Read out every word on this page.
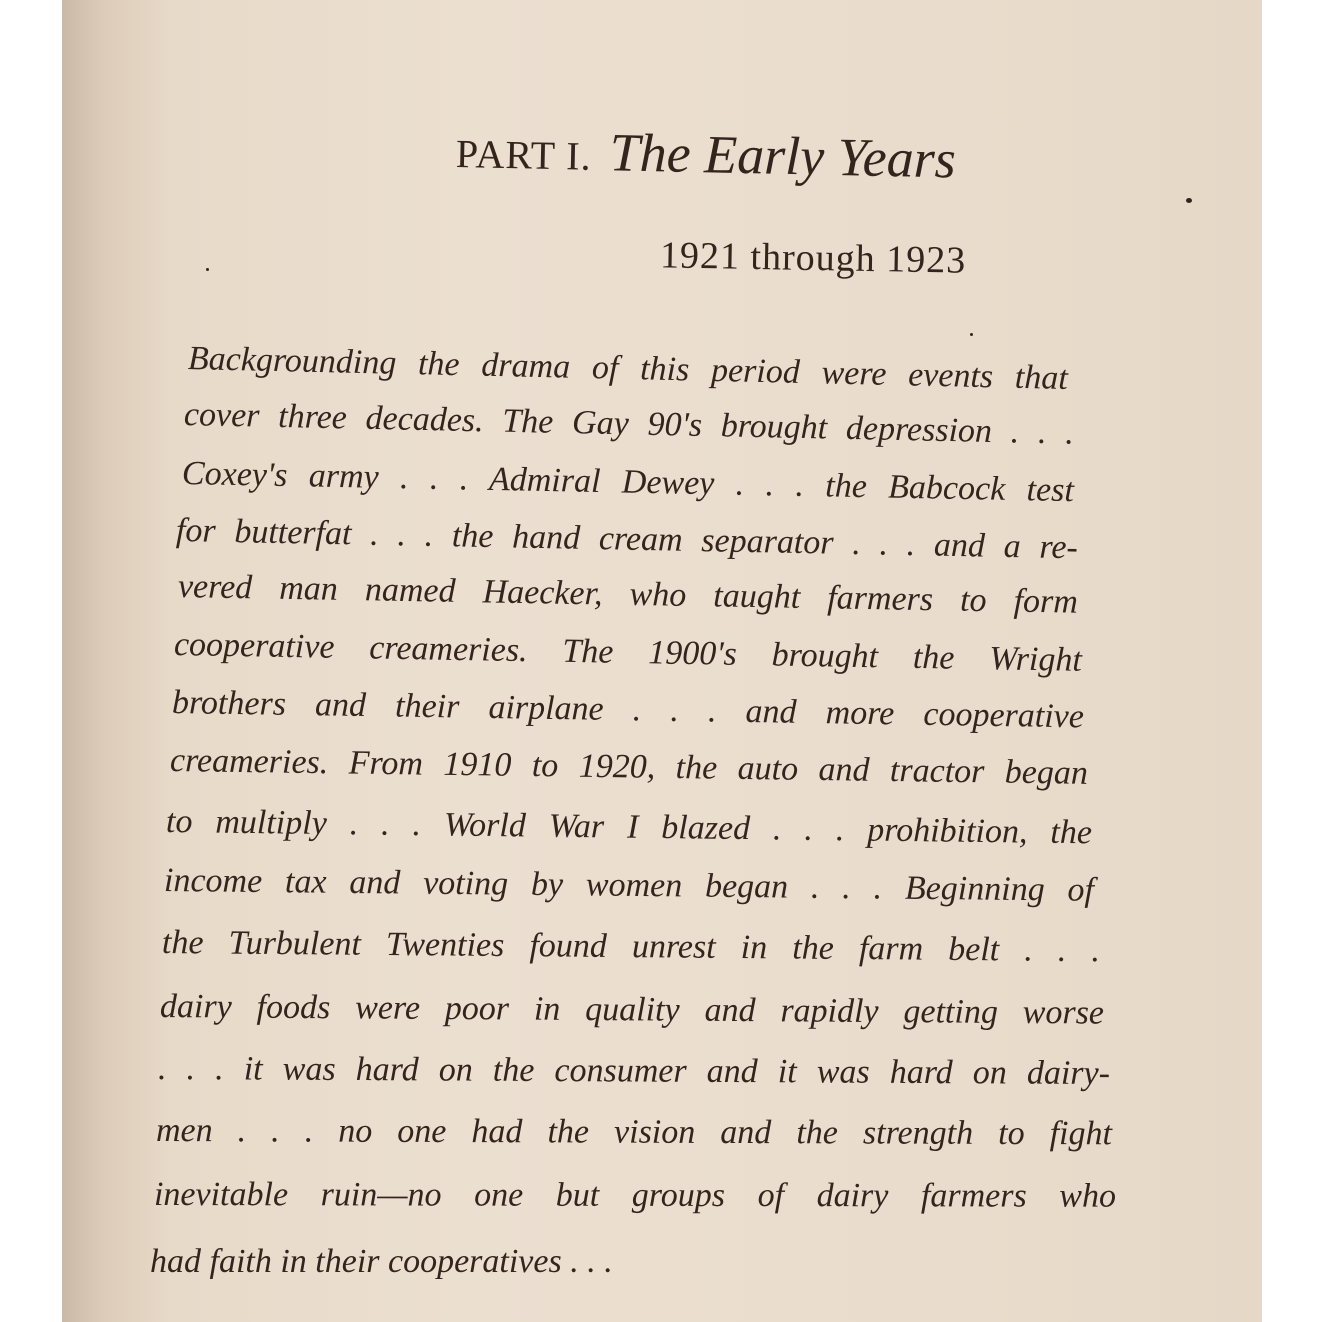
PART I. The Early Years
1921 through 1923
Backgrounding the drama of this period were events that
cover three decades. The Gay 90's brought depression . . .
Coxey's army . . . Admiral Dewey . . . the Babcock test
for butterfat . . . the hand cream separator . . . and a re-
vered man named Haecker, who taught farmers to form
cooperative creameries. The 1900's brought the Wright
brothers and their airplane . . . and more cooperative
creameries. From 1910 to 1920, the auto and tractor began
to multiply . . . World War I blazed . . . prohibition, the
income tax and voting by women began . . . Beginning of
the Turbulent Twenties found unrest in the farm belt . . .
dairy foods were poor in quality and rapidly getting worse
. . . it was hard on the consumer and it was hard on dairy-
men . . . no one had the vision and the strength to fight
inevitable ruin—no one but groups of dairy farmers who
had faith in their cooperatives . . .
